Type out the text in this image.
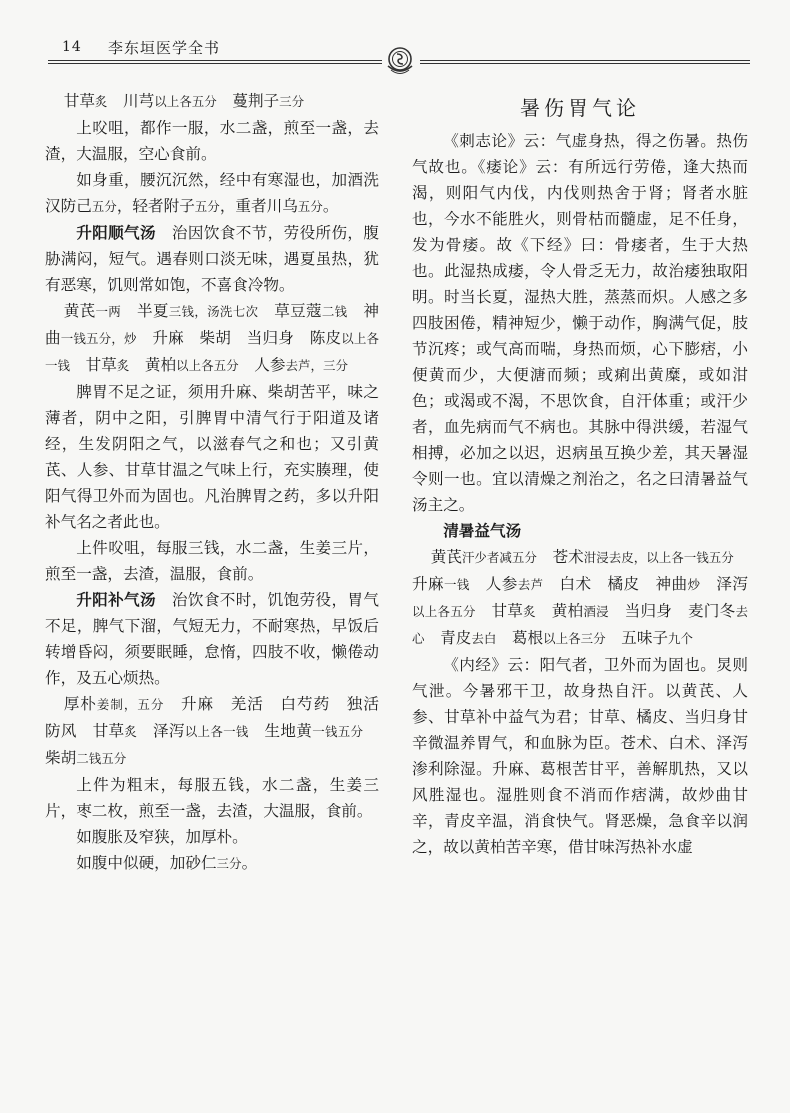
14 李东垣医学全书

甘草炙　川芎以上各五分　蔓荆子三分

上㕮咀，都作一服，水二盏，煎至一盏，去渣，大温服，空心食前。

如身重，腰沉沉然，经中有寒湿也，加酒洗汉防己五分，轻者附子五分，重者川乌五分。

升阳顺气汤　治因饮食不节，劳役所伤，腹胁满闷，短气。遇春则口淡无味，遇夏虽热，犹有恶寒，饥则常如饱，不喜食冷物。

黄芪一两　半夏三钱，汤洗七次　草豆蔻二钱　神曲一钱五分，炒　升麻　柴胡　当归身　陈皮以上各一钱　甘草炙　黄柏以上各五分　人参去芦，三分

脾胃不足之证，须用升麻、柴胡苦平，味之薄者，阴中之阳，引脾胃中清气行于阳道及诸经，生发阴阳之气，以滋春气之和也；又引黄芪、人参、甘草甘温之气味上行，充实腠理，使阳气得卫外而为固也。凡治脾胃之药，多以升阳补气名之者此也。

上件㕮咀，每服三钱，水二盏，生姜三片，煎至一盏，去渣，温服，食前。

升阳补气汤　治饮食不时，饥饱劳役，胃气不足，脾气下溜，气短无力，不耐寒热，早饭后转增昏闷，须要眠睡，怠惰，四肢不收，懒倦动作，及五心烦热。

厚朴姜制，五分　升麻　羌活　白芍药　独活　防风　甘草炙　泽泻以上各一钱　生地黄一钱五分　柴胡二钱五分

上件为粗末，每服五钱，水二盏，生姜三片，枣二枚，煎至一盏，去渣，大温服，食前。

如腹胀及窄狭，加厚朴。

如腹中似硬，加砂仁三分。

暑伤胃气论

《刺志论》云：气虚身热，得之伤暑。热伤气故也。《痿论》云：有所远行劳倦，逢大热而渴，则阳气内伐，内伐则热舍于肾；肾者水脏也，今水不能胜火，则骨枯而髓虚，足不任身，发为骨痿。故《下经》曰：骨痿者，生于大热也。此湿热成痿，令人骨乏无力，故治痿独取阳明。时当长夏，湿热大胜，蒸蒸而炽。人感之多四肢困倦，精神短少，懒于动作，胸满气促，肢节沉疼；或气高而喘，身热而烦，心下膨痞，小便黄而少，大便溏而频；或痢出黄糜，或如泔色；或渴或不渴，不思饮食，自汗体重；或汗少者，血先病而气不病也。其脉中得洪缓，若湿气相搏，必加之以迟，迟病虽互换少差，其天暑湿令则一也。宜以清燥之剂治之，名之曰清暑益气汤主之。

清暑益气汤

黄芪汗少者减五分　苍术泔浸去皮，以上各一钱五分　升麻一钱　人参去芦　白术　橘皮　神曲炒　泽泻以上各五分　甘草炙　黄柏酒浸　当归身　麦门冬去心　青皮去白　葛根以上各三分　五味子九个

《内经》云：阳气者，卫外而为固也。炅则气泄。今暑邪干卫，故身热自汗。以黄芪、人参、甘草补中益气为君；甘草、橘皮、当归身甘辛微温养胃气，和血脉为臣。苍术、白术、泽泻渗利除湿。升麻、葛根苦甘平，善解肌热，又以风胜湿也。湿胜则食不消而作痞满，故炒曲甘辛，青皮辛温，消食快气。肾恶燥，急食辛以润之，故以黄柏苦辛寒，借甘味泻热补水虚
